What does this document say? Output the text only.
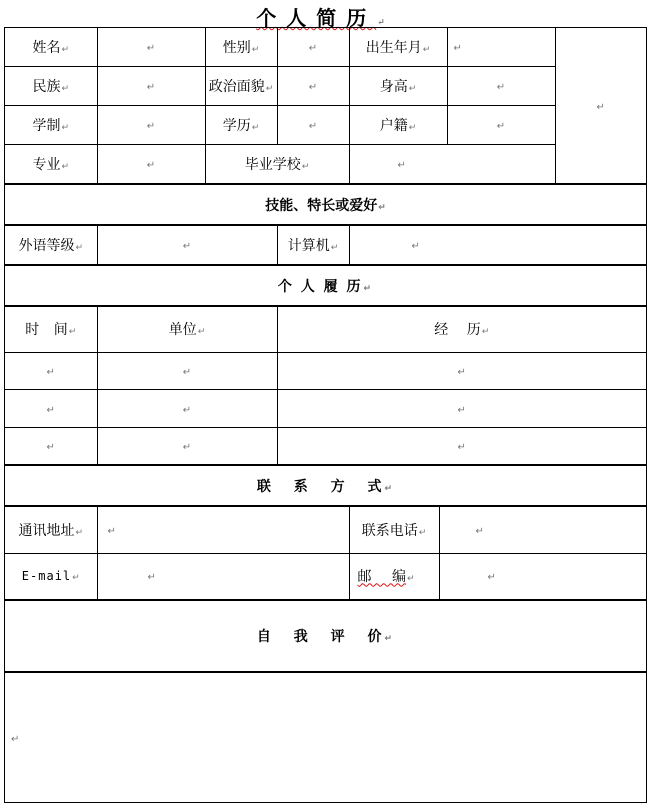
个人简历↵
姓名↵	↵	性别↵	↵	出生年月↵	↵	↵
民族↵	↵	政治面貌↵	↵	身高↵	↵	
学制↵	↵	学历↵	↵	户籍↵	↵	
专业↵	↵	毕业学校↵		↵		
技能、特长或爱好↵
外语等级↵	↵	计算机↵	↵
个 人 履 历↵
时 间↵	单位↵	经 历↵
↵	↵	↵
↵	↵	↵
↵	↵	↵
联 系 方 式↵
通讯地址↵	↵	联系电话↵	↵
E-mail↵	↵	邮 编↵	↵
自 我 评 价↵
↵
